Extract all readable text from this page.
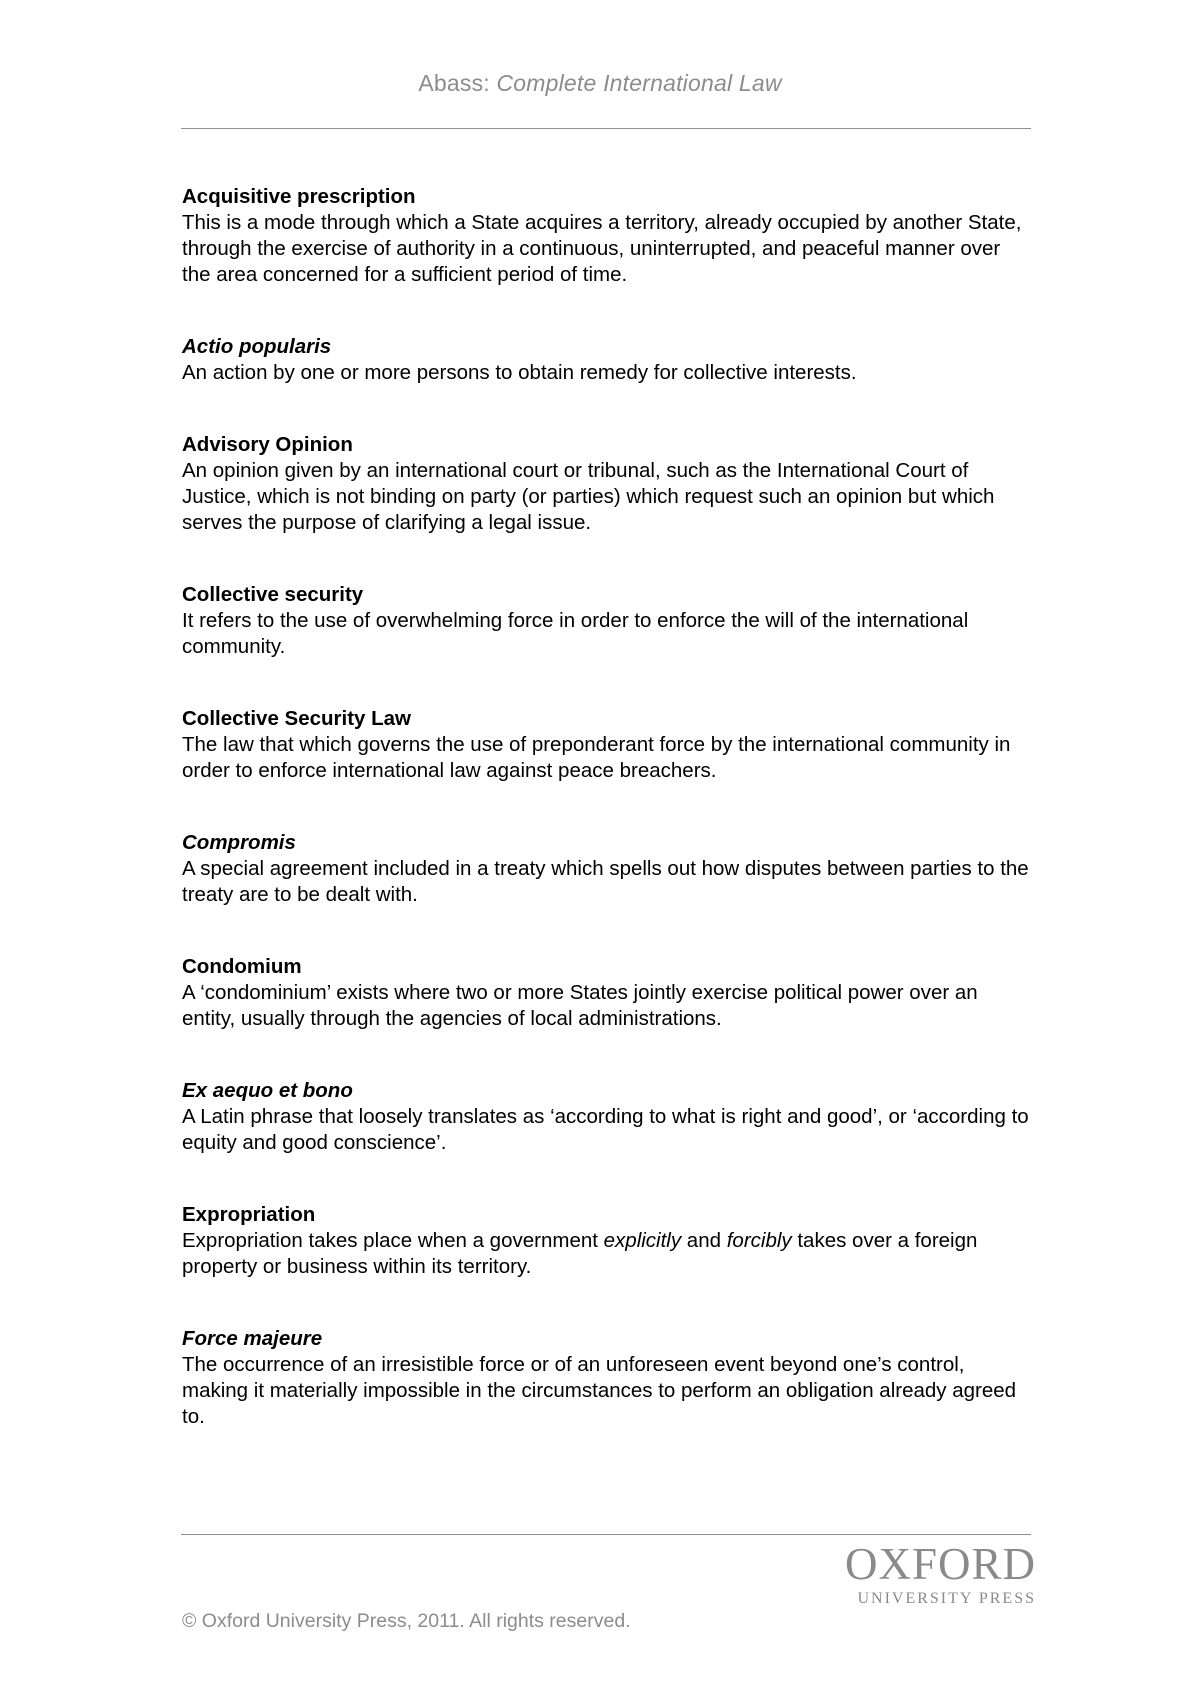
Abass: Complete International Law
Acquisitive prescription
This is a mode through which a State acquires a territory, already occupied by another State, through the exercise of authority in a continuous, uninterrupted, and peaceful manner over the area concerned for a sufficient period of time.
Actio popularis
An action by one or more persons to obtain remedy for collective interests.
Advisory Opinion
An opinion given by an international court or tribunal, such as the International Court of Justice, which is not binding on party (or parties) which request such an opinion but which serves the purpose of clarifying a legal issue.
Collective security
It refers to the use of overwhelming force in order to enforce the will of the international community.
Collective Security Law
The law that which governs the use of preponderant force by the international community in order to enforce international law against peace breachers.
Compromis
A special agreement included in a treaty which spells out how disputes between parties to the treaty are to be dealt with.
Condomium
A ‘condominium’ exists where two or more States jointly exercise political power over an entity, usually through the agencies of local administrations.
Ex aequo et bono
A Latin phrase that loosely translates as ‘according to what is right and good’, or ‘according to equity and good conscience’.
Expropriation
Expropriation takes place when a government explicitly and forcibly takes over a foreign property or business within its territory.
Force majeure
The occurrence of an irresistible force or of an unforeseen event beyond one’s control, making it materially impossible in the circumstances to perform an obligation already agreed to.
OXFORD
UNIVERSITY PRESS
© Oxford University Press, 2011. All rights reserved.
